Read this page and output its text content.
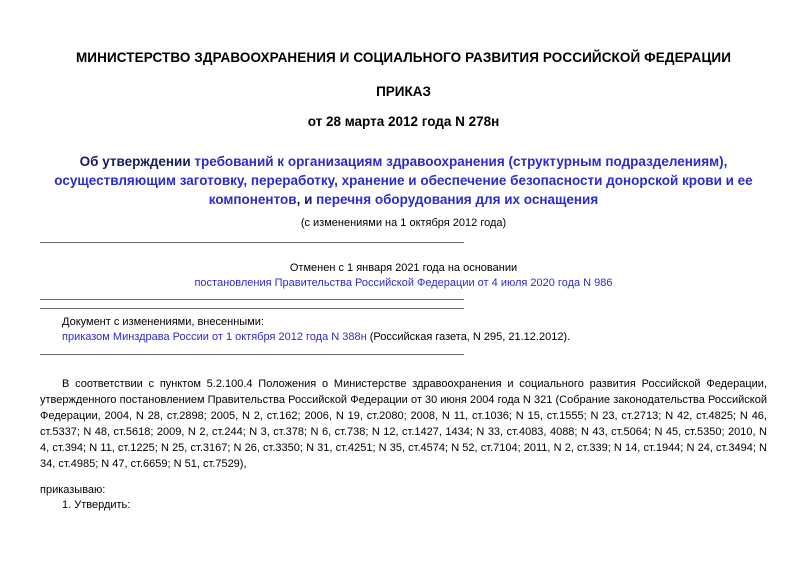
МИНИСТЕРСТВО ЗДРАВООХРАНЕНИЯ И СОЦИАЛЬНОГО РАЗВИТИЯ РОССИЙСКОЙ ФЕДЕРАЦИИ
ПРИКАЗ
от 28 марта 2012 года N 278н
Об утверждении требований к организациям здравоохранения (структурным подразделениям), осуществляющим заготовку, переработку, хранение и обеспечение безопасности донорской крови и ее компонентов, и перечня оборудования для их оснащения
(с изменениями на 1 октября 2012 года)
Отменен с 1 января 2021 года на основании
постановления Правительства Российской Федерации от 4 июля 2020 года N 986
Документ с изменениями, внесенными:
приказом Минздрава России от 1 октября 2012 года N 388н (Российская газета, N 295, 21.12.2012).
В соответствии с пунктом 5.2.100.4 Положения о Министерстве здравоохранения и социального развития Российской Федерации, утвержденного постановлением Правительства Российской Федерации от 30 июня 2004 года N 321 (Собрание законодательства Российской Федерации, 2004, N 28, ст.2898; 2005, N 2, ст.162; 2006, N 19, ст.2080; 2008, N 11, ст.1036; N 15, ст.1555; N 23, ст.2713; N 42, ст.4825; N 46, ст.5337; N 48, ст.5618; 2009, N 2, ст.244; N 3, ст.378; N 6, ст.738; N 12, ст.1427, 1434; N 33, ст.4083, 4088; N 43, ст.5064; N 45, ст.5350; 2010, N 4, ст.394; N 11, ст.1225; N 25, ст.3167; N 26, ст.3350; N 31, ст.4251; N 35, ст.4574; N 52, ст.7104; 2011, N 2, ст.339; N 14, ст.1944; N 24, ст.3494; N 34, ст.4985; N 47, ст.6659; N 51, ст.7529),
приказываю:
1. Утвердить:
